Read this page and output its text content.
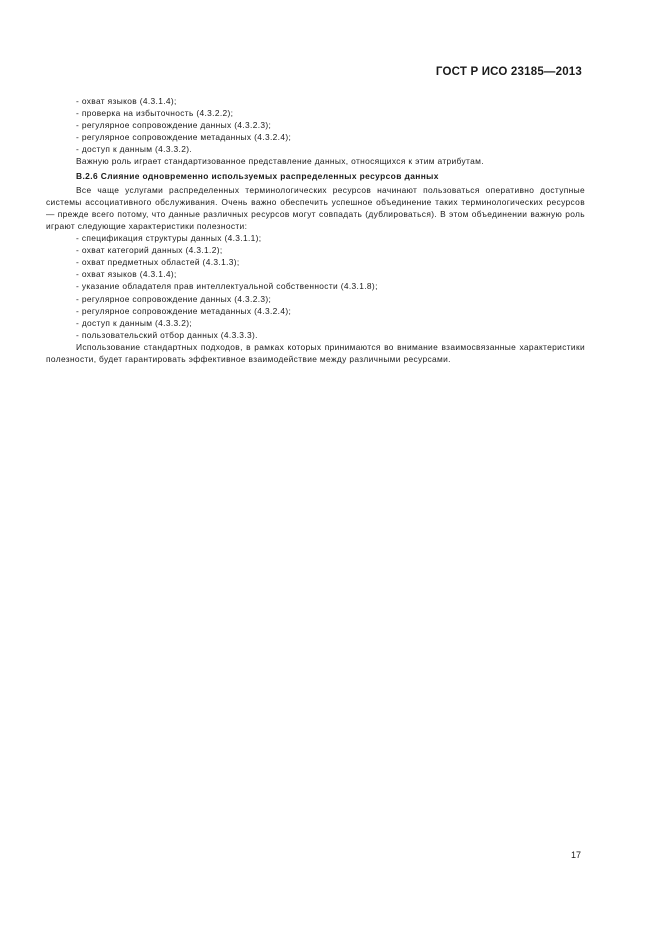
ГОСТ Р ИСО 23185—2013
- охват языков (4.3.1.4);
- проверка на избыточность (4.3.2.2);
- регулярное сопровождение данных (4.3.2.3);
- регулярное сопровождение метаданных (4.3.2.4);
- доступ к данным (4.3.3.2).
Важную роль играет стандартизованное представление данных, относящихся к этим атрибутам.
В.2.6 Слияние одновременно используемых распределенных ресурсов данных
Все чаще услугами распределенных терминологических ресурсов начинают пользоваться оперативно доступные системы ассоциативного обслуживания. Очень важно обеспечить успешное объединение таких терминологических ресурсов — прежде всего потому, что данные различных ресурсов могут совпадать (дублироваться). В этом объединении важную роль играют следующие характеристики полезности:
- спецификация структуры данных (4.3.1.1);
- охват категорий данных (4.3.1.2);
- охват предметных областей (4.3.1.3);
- охват языков (4.3.1.4);
- указание обладателя прав интеллектуальной собственности (4.3.1.8);
- регулярное сопровождение данных (4.3.2.3);
- регулярное сопровождение метаданных (4.3.2.4);
- доступ к данным (4.3.3.2);
- пользовательский отбор данных (4.3.3.3).
Использование стандартных подходов, в рамках которых принимаются во внимание взаимосвязанные характеристики полезности, будет гарантировать эффективное взаимодействие между различными ресурсами.
17
